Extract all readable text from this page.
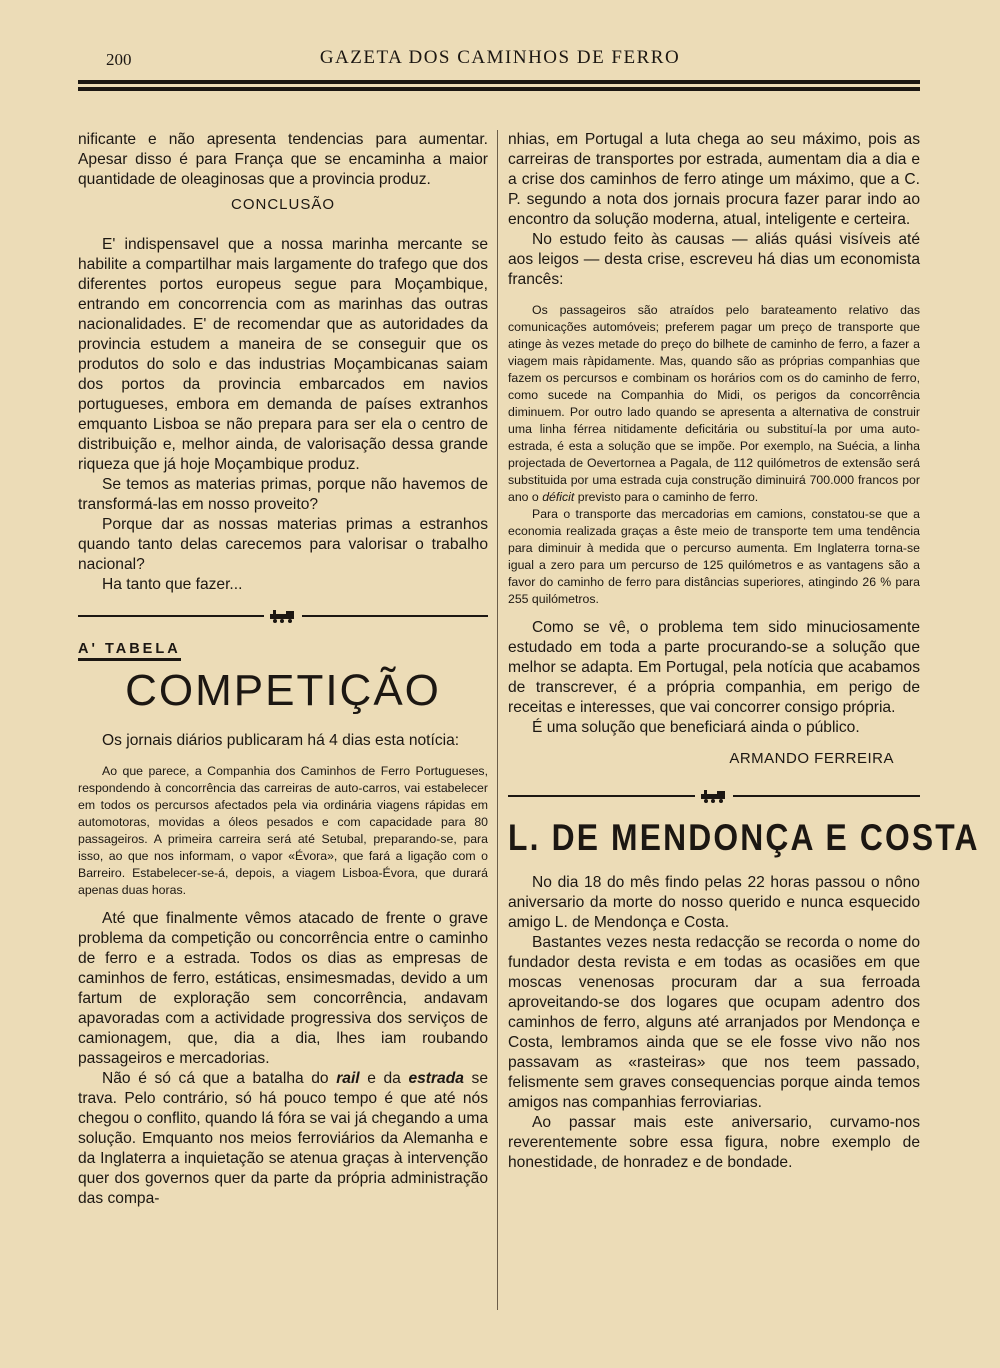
200	GAZETA DOS CAMINHOS DE FERRO

nificante e não apresenta tendencias para aumentar. Apesar disso é para França que se encaminha a maior quantidade de oleaginosas que a provincia produz.

CONCLUSÃO

E' indispensavel que a nossa marinha mercante se habilite a compartilhar mais largamente do trafego que dos diferentes portos europeus segue para Moçambique, entrando em concorrencia com as marinhas das outras nacionalidades. E' de recomendar que as autoridades da provincia estudem a maneira de se conseguir que os produtos do solo e das industrias Moçambicanas saiam dos portos da provincia embarcados em navios portugueses, embora em demanda de países extranhos emquanto Lisboa se não prepara para ser ela o centro de distribuição e, melhor ainda, de valorisação dessa grande riqueza que já hoje Moçambique produz.

Se temos as materias primas, porque não havemos de transformá-las em nosso proveito?

Porque dar as nossas materias primas a estranhos quando tanto delas carecemos para valorisar o trabalho nacional?

Ha tanto que fazer...

A' TABELA
COMPETIÇÃO

Os jornais diários publicaram há 4 dias esta notícia:

Ao que parece, a Companhia dos Caminhos de Ferro Portugueses, respondendo à concorrência das carreiras de auto-carros, vai estabelecer em todos os percursos afectados pela via ordinária viagens rápidas em automotoras, movidas a óleos pesados e com capacidade para 80 passageiros. A primeira carreira será até Setubal, preparando-se, para isso, ao que nos informam, o vapor «Évora», que fará a ligação com o Barreiro. Estabelecer-se-á, depois, a viagem Lisboa-Évora, que durará apenas duas horas.

Até que finalmente vêmos atacado de frente o grave problema da competição ou concorrência entre o caminho de ferro e a estrada. Todos os dias as empresas de caminhos de ferro, estáticas, ensimesmadas, devido a um fartum de exploração sem concorrência, andavam apavoradas com a actividade progressiva dos serviços de camionagem, que, dia a dia, lhes iam roubando passageiros e mercadorias.

Não é só cá que a batalha do rail e da estrada se trava. Pelo contrário, só há pouco tempo é que até nós chegou o conflito, quando lá fóra se vai já chegando a uma solução. Emquanto nos meios ferroviários da Alemanha e da Inglaterra a inquietação se atenua graças à intervenção quer dos governos quer da parte da própria administração das compa-

nhias, em Portugal a luta chega ao seu máximo, pois as carreiras de transportes por estrada, aumentam dia a dia e a crise dos caminhos de ferro atinge um máximo, que a C. P. segundo a nota dos jornais procura fazer parar indo ao encontro da solução moderna, atual, inteligente e certeira.

No estudo feito às causas — aliás quási visíveis até aos leigos — desta crise, escreveu há dias um economista francês:

Os passageiros são atraídos pelo barateamento relativo das comunicações automóveis; preferem pagar um preço de transporte que atinge às vezes metade do preço do bilhete de caminho de ferro, a fazer a viagem mais ràpidamente. Mas, quando são as próprias companhias que fazem os percursos e combinam os horários com os do caminho de ferro, como sucede na Companhia do Midi, os perigos da concorrência diminuem. Por outro lado quando se apresenta a alternativa de construir uma linha férrea nitidamente deficitária ou substituí-la por uma auto-estrada, é esta a solução que se impõe. Por exemplo, na Suécia, a linha projectada de Oevertornea a Pagala, de 112 quilómetros de extensão será substituida por uma estrada cuja construção diminuirá 700.000 francos por ano o déficit previsto para o caminho de ferro.

Para o transporte das mercadorias em camions, constatou-se que a economia realizada graças a êste meio de transporte tem uma tendência para diminuir à medida que o percurso aumenta. Em Inglaterra torna-se igual a zero para um percurso de 125 quilómetros e as vantagens são a favor do caminho de ferro para distâncias superiores, atingindo 26 % para 255 quilómetros.

Como se vê, o problema tem sido minuciosamente estudado em toda a parte procurando-se a solução que melhor se adapta. Em Portugal, pela notícia que acabamos de transcrever, é a própria companhia, em perigo de receitas e interesses, que vai concorrer consigo própria.

É uma solução que beneficiará ainda o público.

ARMANDO FERREIRA
L. DE MENDONÇA E COSTA

No dia 18 do mês findo pelas 22 horas passou o nôno aniversario da morte do nosso querido e nunca esquecido amigo L. de Mendonça e Costa.

Bastantes vezes nesta redacção se recorda o nome do fundador desta revista e em todas as ocasiões em que moscas venenosas procuram dar a sua ferroada aproveitando-se dos logares que ocupam adentro dos caminhos de ferro, alguns até arranjados por Mendonça e Costa, lembramos ainda que se ele fosse vivo não nos passavam as «rasteiras» que nos teem passado, felismente sem graves consequencias porque ainda temos amigos nas companhias ferroviarias.

Ao passar mais este aniversario, curvamo-nos reverentemente sobre essa figura, nobre exemplo de honestidade, de honradez e de bondade.
